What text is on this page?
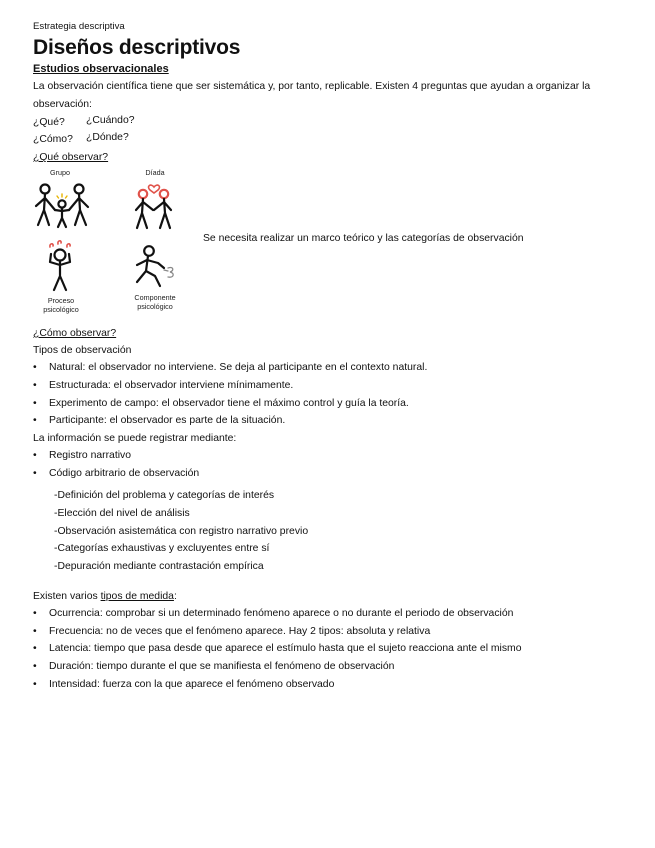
Estrategia descriptiva
Diseños descriptivos
Estudios observacionales
La observación científica tiene que ser sistemática y, por tanto, replicable. Existen 4 preguntas que ayudan a organizar la
observación:
¿Qué? ¿Cuándo?
¿Cómo? ¿Dónde?
¿Qué observar?
Grupo	Díada
Proceso psicológico
Componente psicológico
Se necesita realizar un marco teórico y las categorías de observación
¿Cómo observar?
Tipos de observación
• Natural: el observador no interviene. Se deja al participante en el contexto natural.
• Estructurada: el observador interviene mínimamente.
• Experimento de campo: el observador tiene el máximo control y guía la teoría.
• Participante: el observador es parte de la situación.
La información se puede registrar mediante:
• Registro narrativo
• Código arbitrario de observación
-Definición del problema y categorías de interés
-Elección del nivel de análisis
-Observación asistemática con registro narrativo previo
-Categorías exhaustivas y excluyentes entre sí
-Depuración mediante contrastación empírica
Existen varios tipos de medida:
• Ocurrencia: comprobar si un determinado fenómeno aparece o no durante el periodo de observación
• Frecuencia: no de veces que el fenómeno aparece. Hay 2 tipos: absoluta y relativa
• Latencia: tiempo que pasa desde que aparece el estímulo hasta que el sujeto reacciona ante el mismo
• Duración: tiempo durante el que se manifiesta el fenómeno de observación
• Intensidad: fuerza con la que aparece el fenómeno observado
